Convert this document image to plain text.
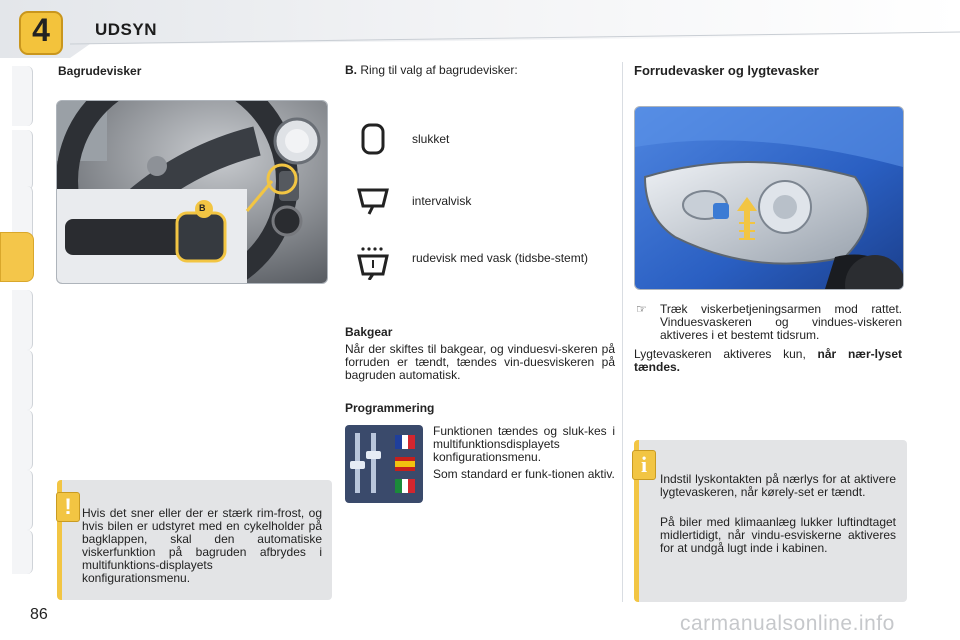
4	UDSYN
Bagrudevisker
B
! Hvis det sner eller der er stærk rim-frost, og hvis bilen er udstyret med en cykelholder på bagklappen, skal den automatiske viskerfunktion på bagruden afbrydes i multifunktions-displayets konfigurationsmenu.
B. Ring til valg af bagrudevisker:
slukket
intervalvisk
rudevisk med vask (tidsbe-stemt)
Bakgear
Når der skiftes til bakgear, og vinduesvi-skeren på forruden er tændt, tændes vin-duesviskeren på bagruden automatisk.
Programmering
Funktionen tændes og sluk-kes i multifunktionsdisplayets konfigurationsmenu.
Som standard er funk-tionen aktiv.
Forrudevasker og lygtevasker
☞ Træk viskerbetjeningsarmen mod rattet. Vinduesvaskeren og vindues-viskeren aktiveres i et bestemt tidsrum.
Lygtevaskeren aktiveres kun, når nær-lyset tændes.
i
Indstil lyskontakten på nærlys for at aktivere lygtevaskeren, når kørely-set er tændt.
På biler med klimaanlæg lukker luftindtaget midlertidigt, når vindu-esviskerne aktiveres for at undgå lugt inde i kabinen.
86	carmanualsonline.info
